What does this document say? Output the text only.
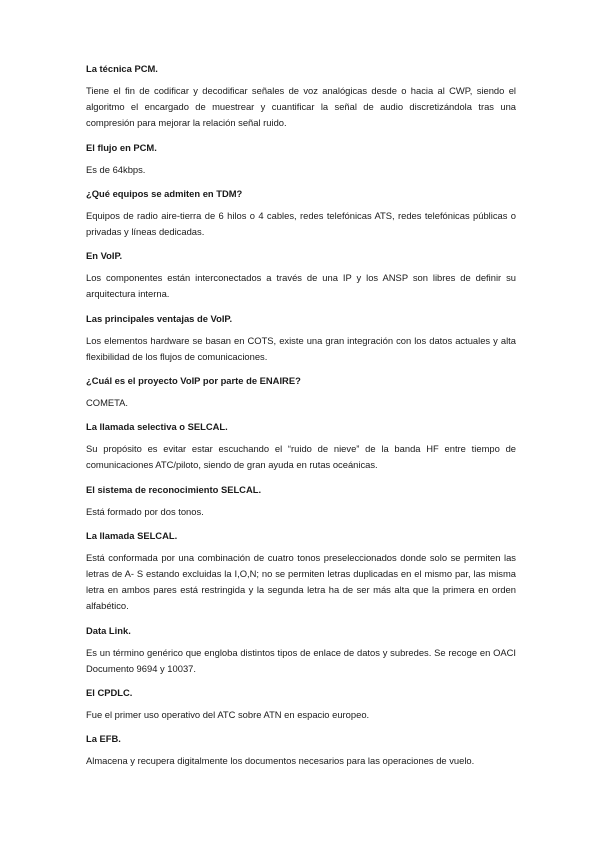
La técnica PCM.

Tiene el fin de codificar y decodificar señales de voz analógicas desde o hacia al CWP, siendo el algoritmo el encargado de muestrear y cuantificar la señal de audio discretizándola tras una compresión para mejorar la relación señal ruido.

El flujo en PCM.

Es de 64kbps.

¿Qué equipos se admiten en TDM?

Equipos de radio aire-tierra de 6 hilos o 4 cables, redes telefónicas ATS, redes telefónicas públicas o privadas y líneas dedicadas.

En VoIP.

Los componentes están interconectados a través de una IP y los ANSP son libres de definir su arquitectura interna.

Las principales ventajas de VoIP.

Los elementos hardware se basan en COTS, existe una gran integración con los datos actuales y alta flexibilidad de los flujos de comunicaciones.

¿Cuál es el proyecto VoIP por parte de ENAIRE?

COMETA.

La llamada selectiva o SELCAL.

Su propósito es evitar estar escuchando el “ruido de nieve” de la banda HF entre tiempo de comunicaciones ATC/piloto, siendo de gran ayuda en rutas oceánicas.

El sistema de reconocimiento SELCAL.

Está formado por dos tonos.

La llamada SELCAL.

Está conformada por una combinación de cuatro tonos preseleccionados donde solo se permiten las letras de A- S estando excluidas la I,O,N; no se permiten letras duplicadas en el mismo par, las misma letra en ambos pares está restringida y la segunda letra ha de ser más alta que la primera en orden alfabético.

Data Link.

Es un término genérico que engloba distintos tipos de enlace de datos y subredes. Se recoge en OACI Documento 9694 y 10037.

El CPDLC.

Fue el primer uso operativo del ATC sobre ATN en espacio europeo.

La EFB.

Almacena y recupera digitalmente los documentos necesarios para las operaciones de vuelo.
